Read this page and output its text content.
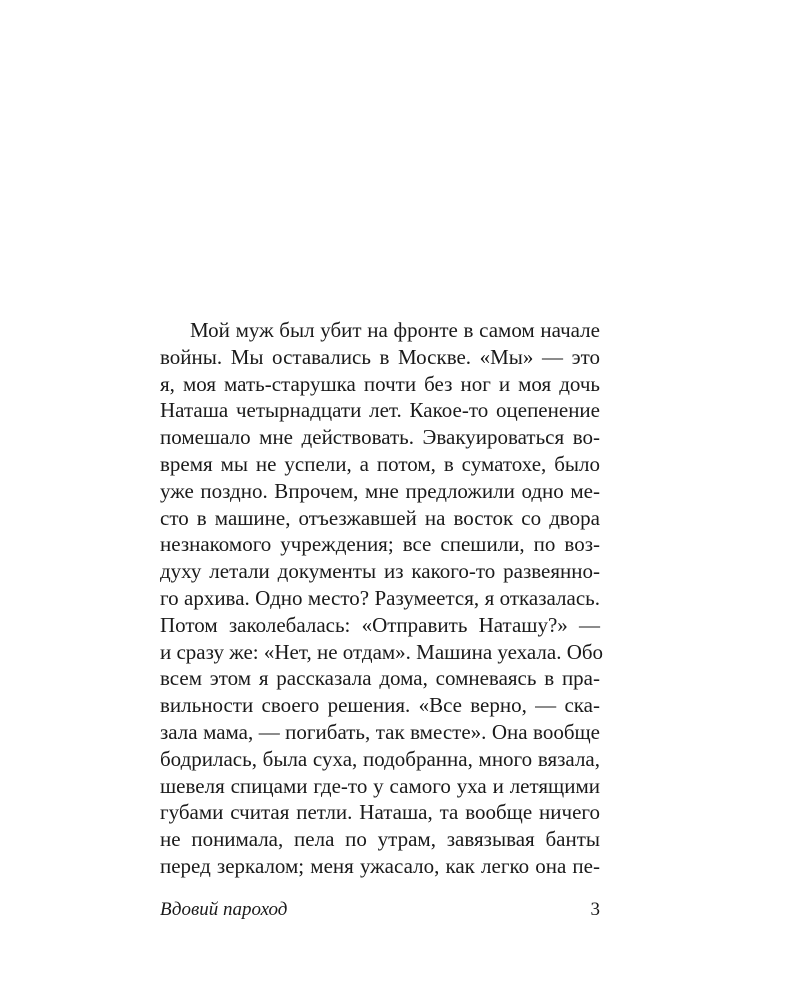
Мой муж был убит на фронте в самом начале
войны. Мы оставались в Москве. «Мы» — это
я, моя мать-старушка почти без ног и моя дочь
Наташа четырнадцати лет. Какое-то оцепенение
помешало мне действовать. Эвакуироваться во-
время мы не успели, а потом, в суматохе, было
уже поздно. Впрочем, мне предложили одно ме-
сто в машине, отъезжавшей на восток со двора
незнакомого учреждения; все спешили, по воз-
духу летали документы из какого-то развеянно-
го архива. Одно место? Разумеется, я отказалась.
Потом заколебалась: «Отправить Наташу?» —
и сразу же: «Нет, не отдам». Машина уехала. Обо
всем этом я рассказала дома, сомневаясь в пра-
вильности своего решения. «Все верно, — ска-
зала мама, — погибать, так вместе». Она вообще
бодрилась, была суха, подобранна, много вязала,
шевеля спицами где-то у самого уха и летящими
губами считая петли. Наташа, та вообще ничего
не понимала, пела по утрам, завязывая банты
перед зеркалом; меня ужасало, как легко она пе-
Вдовий пароход	3
